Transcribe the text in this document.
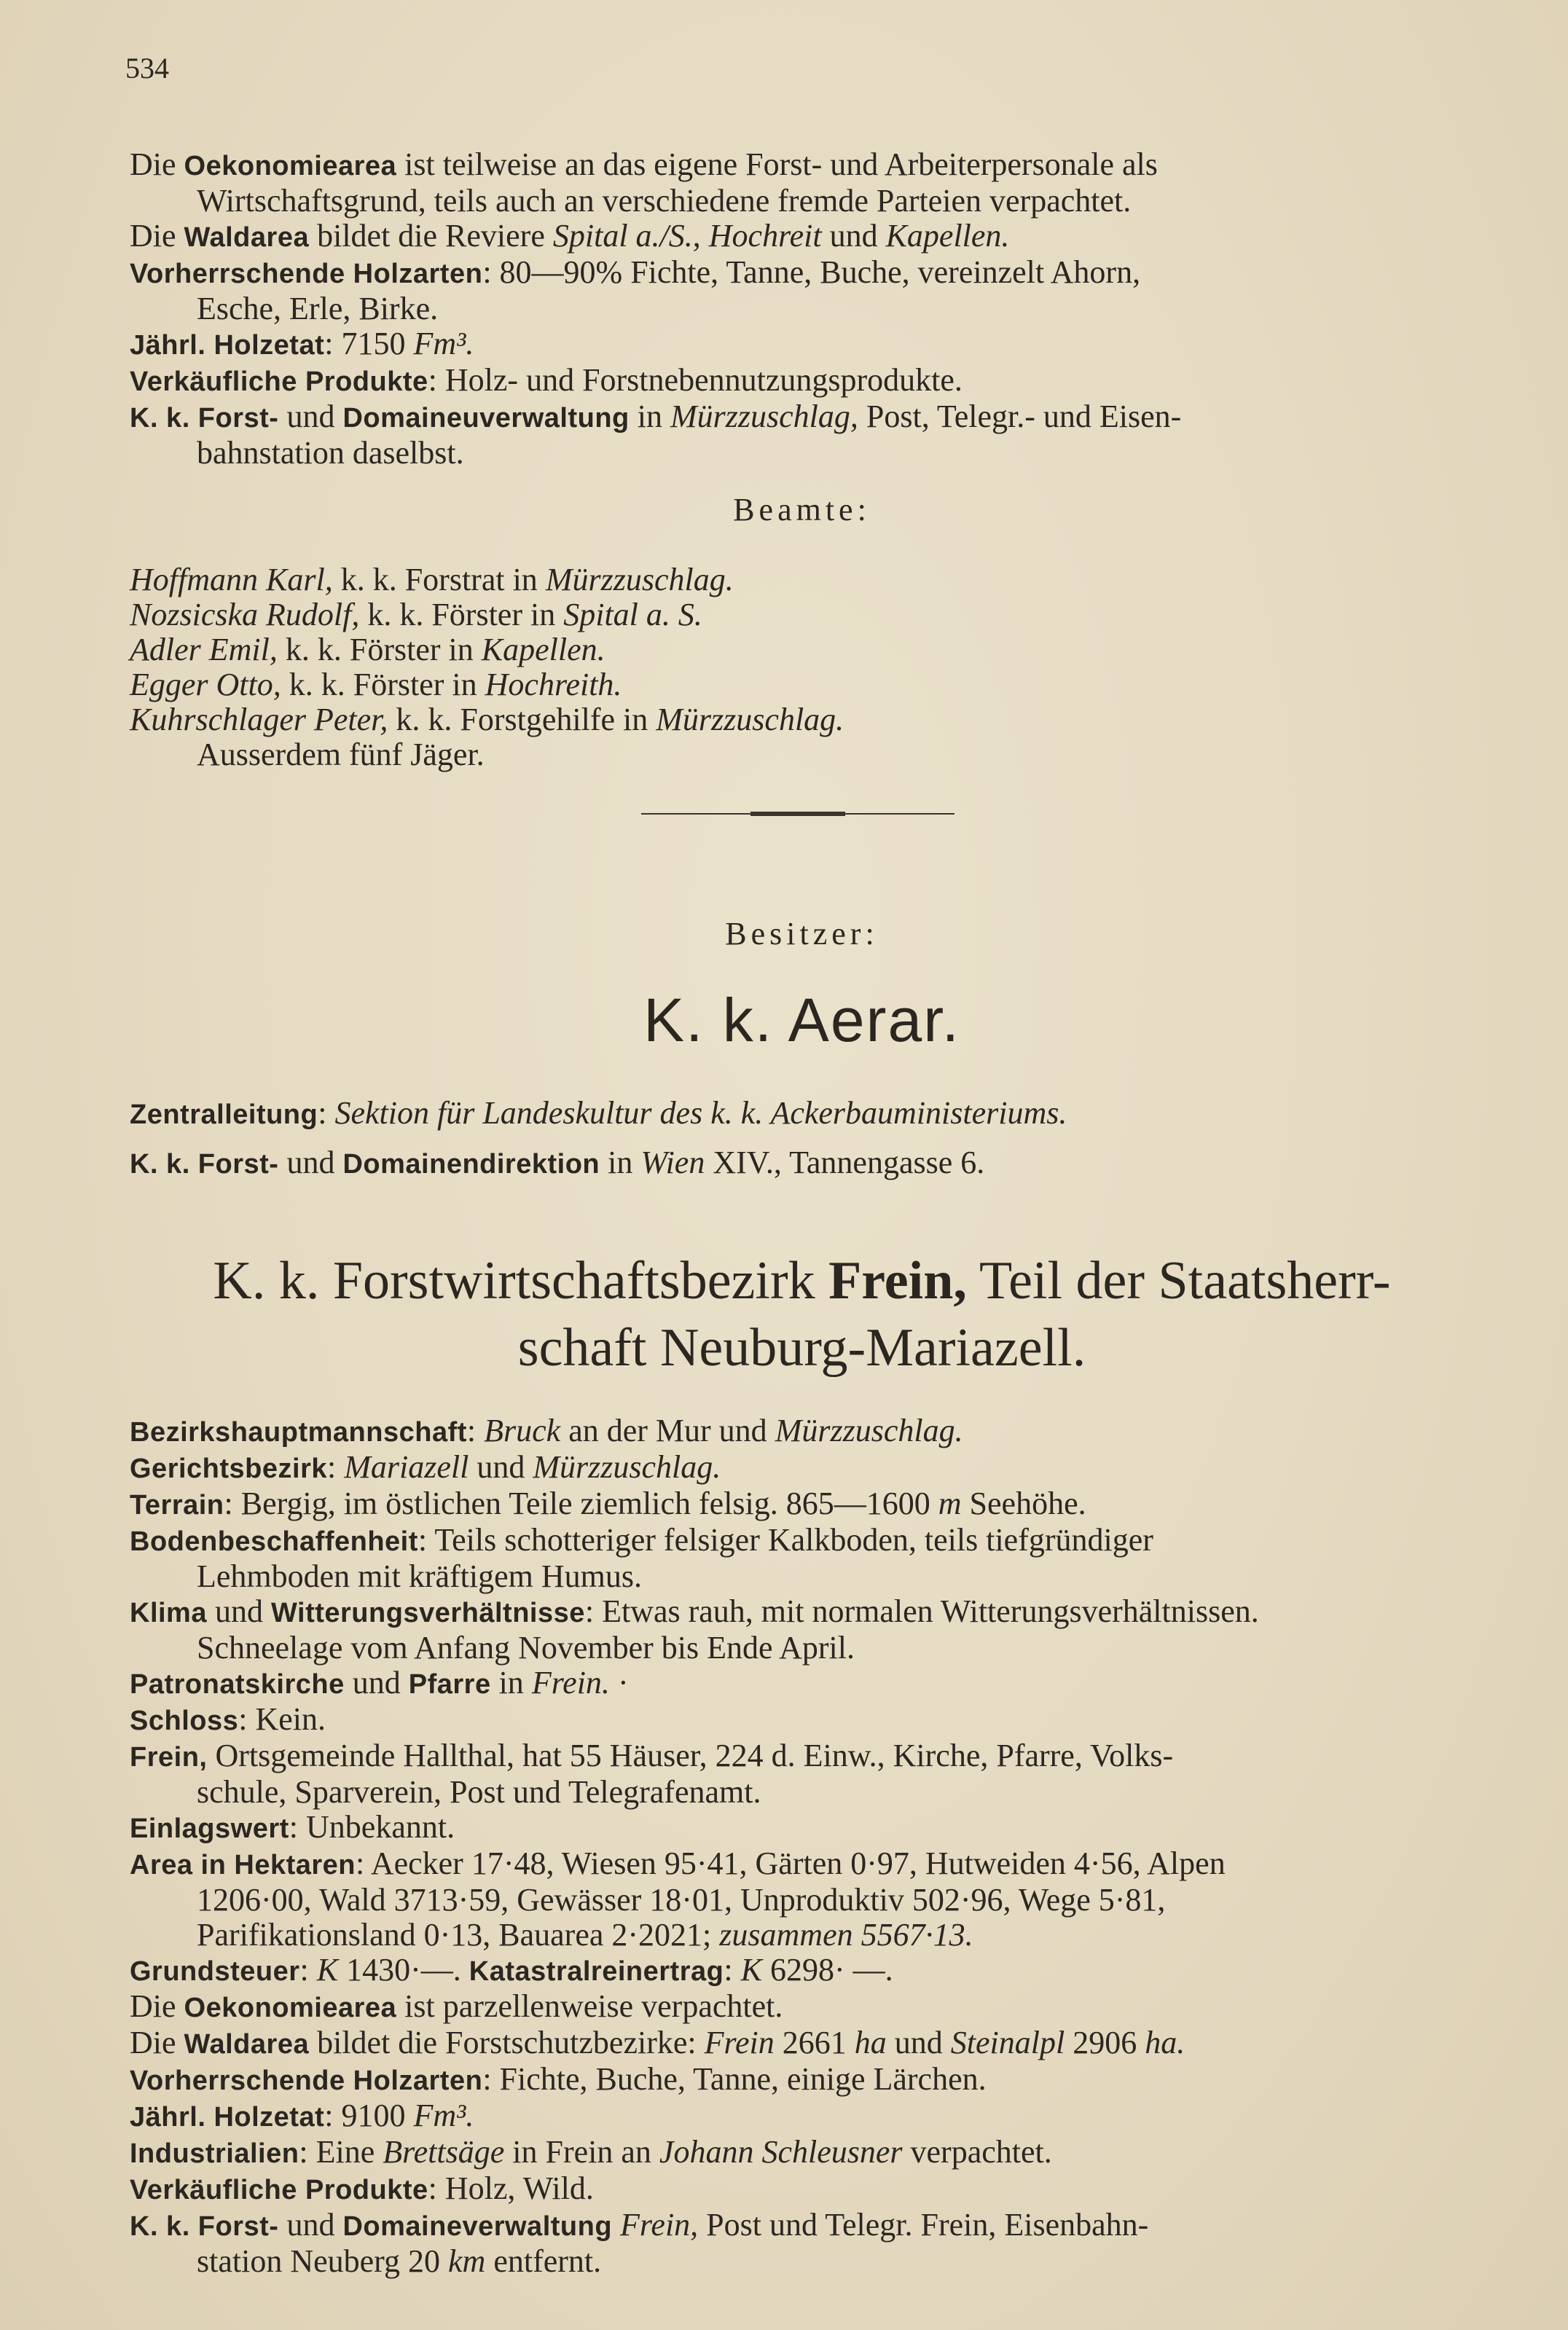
534
Die Oekonomiearea ist teilweise an das eigene Forst- und Arbeiterpersonale als
Wirtschaftsgrund, teils auch an verschiedene fremde Parteien verpachtet.
Die Waldarea bildet die Reviere Spital a./S., Hochreit und Kapellen.
Vorherrschende Holzarten: 80—90% Fichte, Tanne, Buche, vereinzelt Ahorn,
Esche, Erle, Birke.
Jährl. Holzetat: 7150 Fm³.
Verkäufliche Produkte: Holz- und Forstnebennutzungsprodukte.
K. k. Forst- und Domaineuverwaltung in Mürzzuschlag, Post, Telegr.- und Eisen-
bahnstation daselbst.
Beamte:
Hoffmann Karl, k. k. Forstrat in Mürzzuschlag.
Nozsicska Rudolf, k. k. Förster in Spital a. S.
Adler Emil, k. k. Förster in Kapellen.
Egger Otto, k. k. Förster in Hochreith.
Kuhrschlager Peter, k. k. Forstgehilfe in Mürzzuschlag.
Ausserdem fünf Jäger.
Besitzer:
K. k. Aerar.
Zentralleitung: Sektion für Landeskultur des k. k. Ackerbauministeriums.
K. k. Forst- und Domainendirektion in Wien XIV., Tannengasse 6.
K. k. Forstwirtschaftsbezirk Frein, Teil der Staatsherr-
schaft Neuburg-Mariazell.
Bezirkshauptmannschaft: Bruck an der Mur und Mürzzuschlag.
Gerichtsbezirk: Mariazell und Mürzzuschlag.
Terrain: Bergig, im östlichen Teile ziemlich felsig. 865—1600 m Seehöhe.
Bodenbeschaffenheit: Teils schotteriger felsiger Kalkboden, teils tiefgründiger
Lehmboden mit kräftigem Humus.
Klima und Witterungsverhältnisse: Etwas rauh, mit normalen Witterungsverhältnissen.
Schneelage vom Anfang November bis Ende April.
Patronatskirche und Pfarre in Frein. ·
Schloss: Kein.
Frein, Ortsgemeinde Hallthal, hat 55 Häuser, 224 d. Einw., Kirche, Pfarre, Volks-
schule, Sparverein, Post und Telegrafenamt.
Einlagswert: Unbekannt.
Area in Hektaren: Aecker 17·48, Wiesen 95·41, Gärten 0·97, Hutweiden 4·56, Alpen
1206·00, Wald 3713·59, Gewässer 18·01, Unproduktiv 502·96, Wege 5·81,
Parifikationsland 0·13, Bauarea 2·2021; zusammen 5567·13.
Grundsteuer: K 1430·—. Katastralreinertrag: K 6298· —.
Die Oekonomiearea ist parzellenweise verpachtet.
Die Waldarea bildet die Forstschutzbezirke: Frein 2661 ha und Steinalpl 2906 ha.
Vorherrschende Holzarten: Fichte, Buche, Tanne, einige Lärchen.
Jährl. Holzetat: 9100 Fm³.
Industrialien: Eine Brettsäge in Frein an Johann Schleusner verpachtet.
Verkäufliche Produkte: Holz, Wild.
K. k. Forst- und Domaineverwaltung Frein, Post und Telegr. Frein, Eisenbahn-
station Neuberg 20 km entfernt.
